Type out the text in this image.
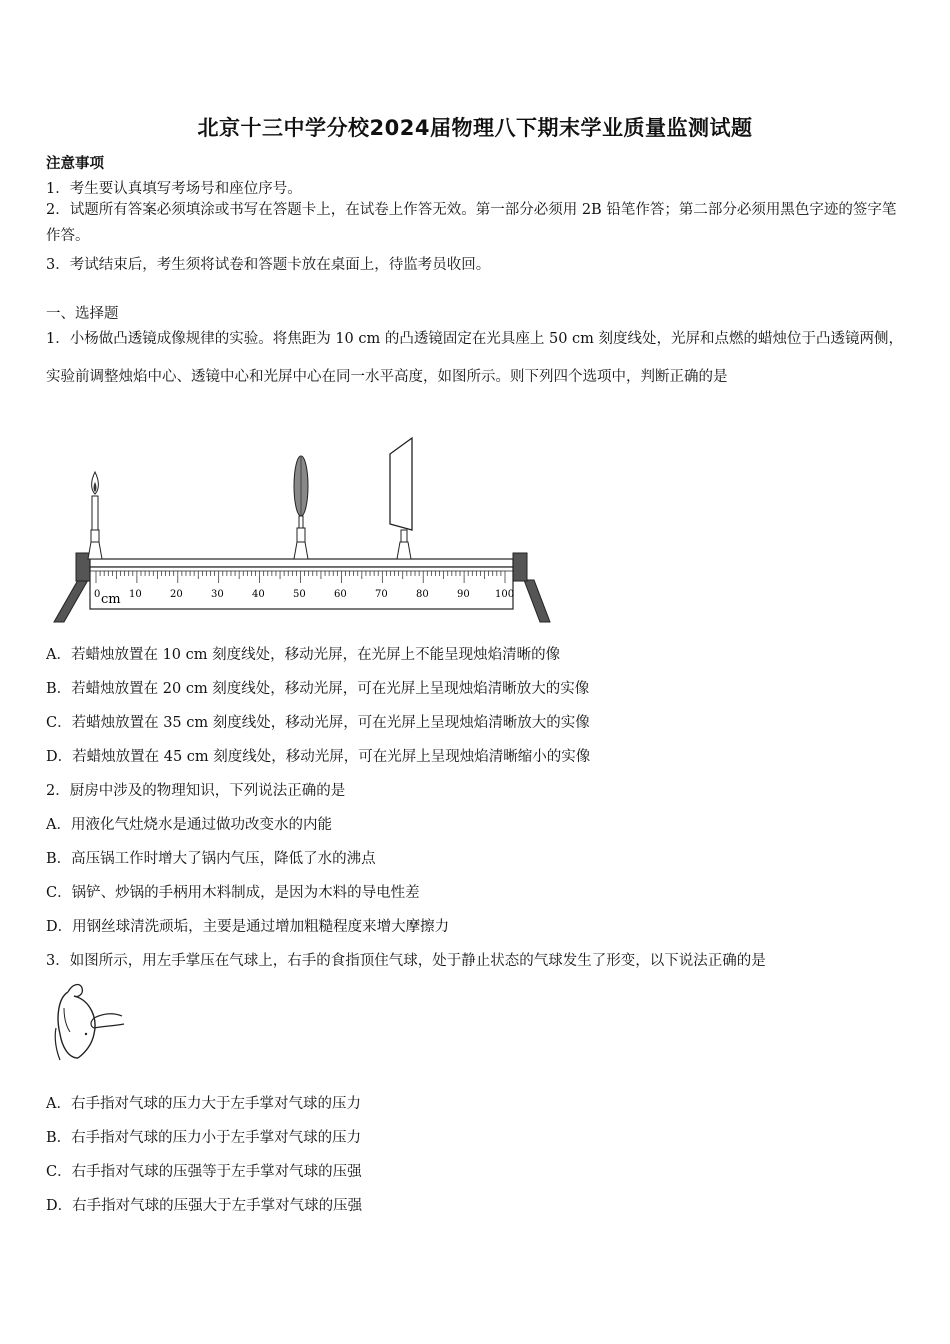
北京十三中学分校2024届物理八下期末学业质量监测试题
注意事项
1．考生要认真填写考场号和座位序号。
2．试题所有答案必须填涂或书写在答题卡上，在试卷上作答无效。第一部分必须用 2B 铅笔作答；第二部分必须用黑色字迹的签字笔作答。
3．考试结束后，考生须将试卷和答题卡放在桌面上，待监考员收回。
一、选择题
1．小杨做凸透镜成像规律的实验。将焦距为 10 cm 的凸透镜固定在光具座上 50 cm 刻度线处，光屏和点燃的蜡烛位于凸透镜两侧，实验前调整烛焰中心、透镜中心和光屏中心在同一水平高度，如图所示。则下列四个选项中，判断正确的是
0	10	20	30	40	50	60	70	80	90	100
cm
A．若蜡烛放置在 10 cm 刻度线处，移动光屏，在光屏上不能呈现烛焰清晰的像
B．若蜡烛放置在 20 cm 刻度线处，移动光屏，可在光屏上呈现烛焰清晰放大的实像
C．若蜡烛放置在 35 cm 刻度线处，移动光屏，可在光屏上呈现烛焰清晰放大的实像
D．若蜡烛放置在 45 cm 刻度线处，移动光屏，可在光屏上呈现烛焰清晰缩小的实像
2．厨房中涉及的物理知识，下列说法正确的是
A．用液化气灶烧水是通过做功改变水的内能
B．高压锅工作时增大了锅内气压，降低了水的沸点
C．锅铲、炒锅的手柄用木料制成，是因为木料的导电性差
D．用钢丝球清洗顽垢，主要是通过增加粗糙程度来增大摩擦力
3．如图所示，用左手掌压在气球上，右手的食指顶住气球，处于静止状态的气球发生了形变，以下说法正确的是
A．右手指对气球的压力大于左手掌对气球的压力
B．右手指对气球的压力小于左手掌对气球的压力
C．右手指对气球的压强等于左手掌对气球的压强
D．右手指对气球的压强大于左手掌对气球的压强
